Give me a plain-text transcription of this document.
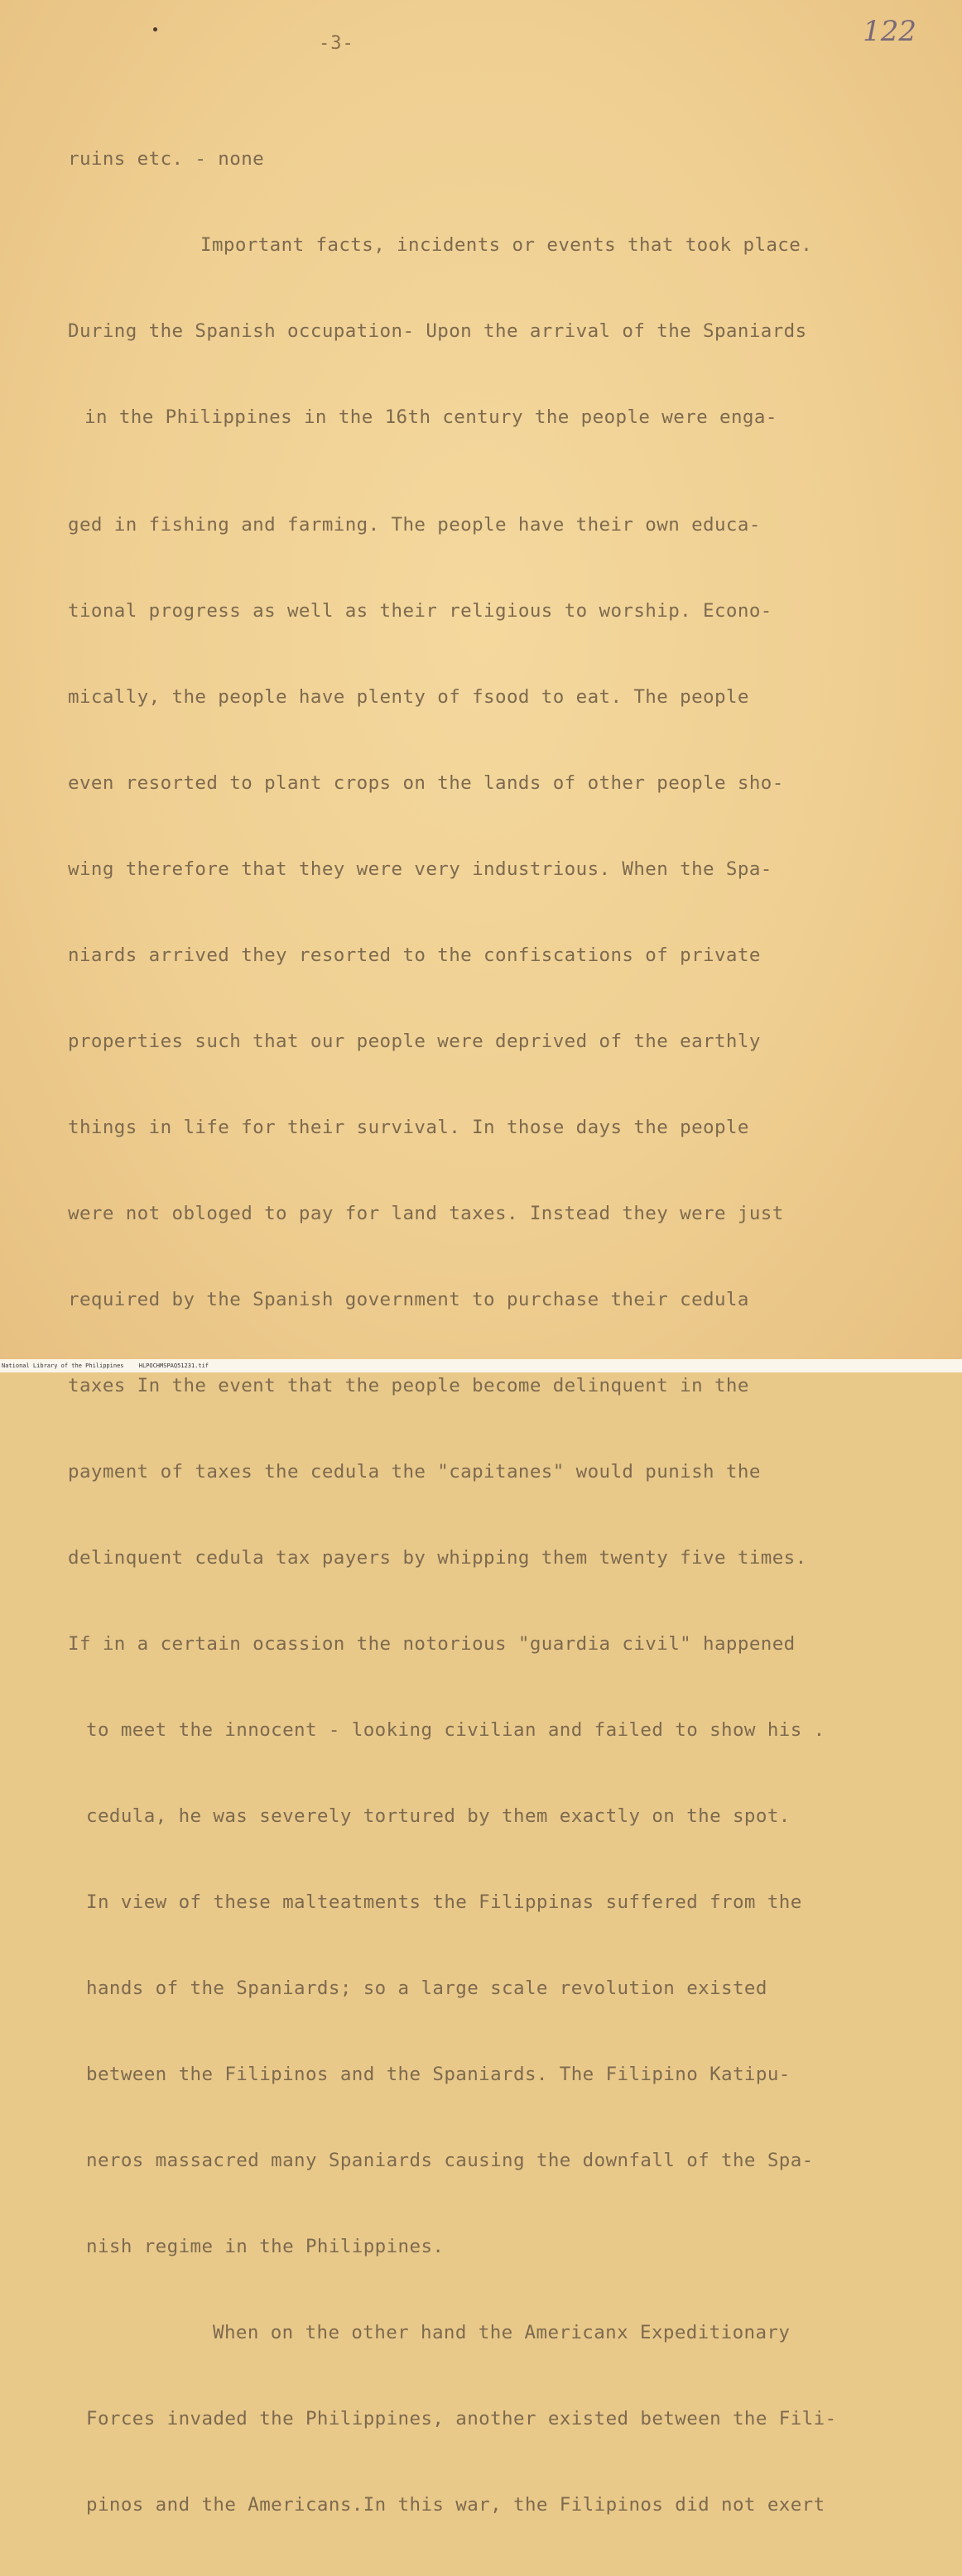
-3-	122

ruins etc. - none

Important facts, incidents or events that took place.

During the Spanish occupation- Upon the arrival of the Spaniards

in the Philippines in the 16th century the people were enga-

ged in fishing and farming. The people have their own educa-

tional progress as well as their religious to worship. Econo-

mically, the people have plenty of fsood to eat. The people

even resorted to plant crops on the lands of other people sho-

wing therefore that they were very industrious. When the Spa-

niards arrived they resorted to the confiscations of private

properties such that our people were deprived of the earthly

things in life for their survival. In those days the people

were not obloged to pay for land taxes. Instead they were just

required by the Spanish government to purchase their cedula

taxes In the event that the people become delinquent in the

payment of taxes the cedula the "capitanes" would punish the

delinquent cedula tax payers by whipping them twenty five times.

If in a certain ocassion the notorious "guardia civil" happened

to meet the innocent - looking civilian and failed to show his .

cedula, he was severely tortured by them exactly on the spot.

In view of these malteatments the Filippinas suffered from the

hands of the Spaniards; so a large scale revolution existed

between the Filipinos and the Spaniards. The Filipino Katipu-

neros massacred many Spaniards causing the downfall of the Spa-

nish regime in the Philippines.

When on the other hand the Americanx Expeditionary

Forces invaded the Philippines, another existed between the Fili-

pinos and the Americans.In this war, the Filipinos did not exert

National Library of the Philippines	HLPOCHMSPAQ51231.tif
